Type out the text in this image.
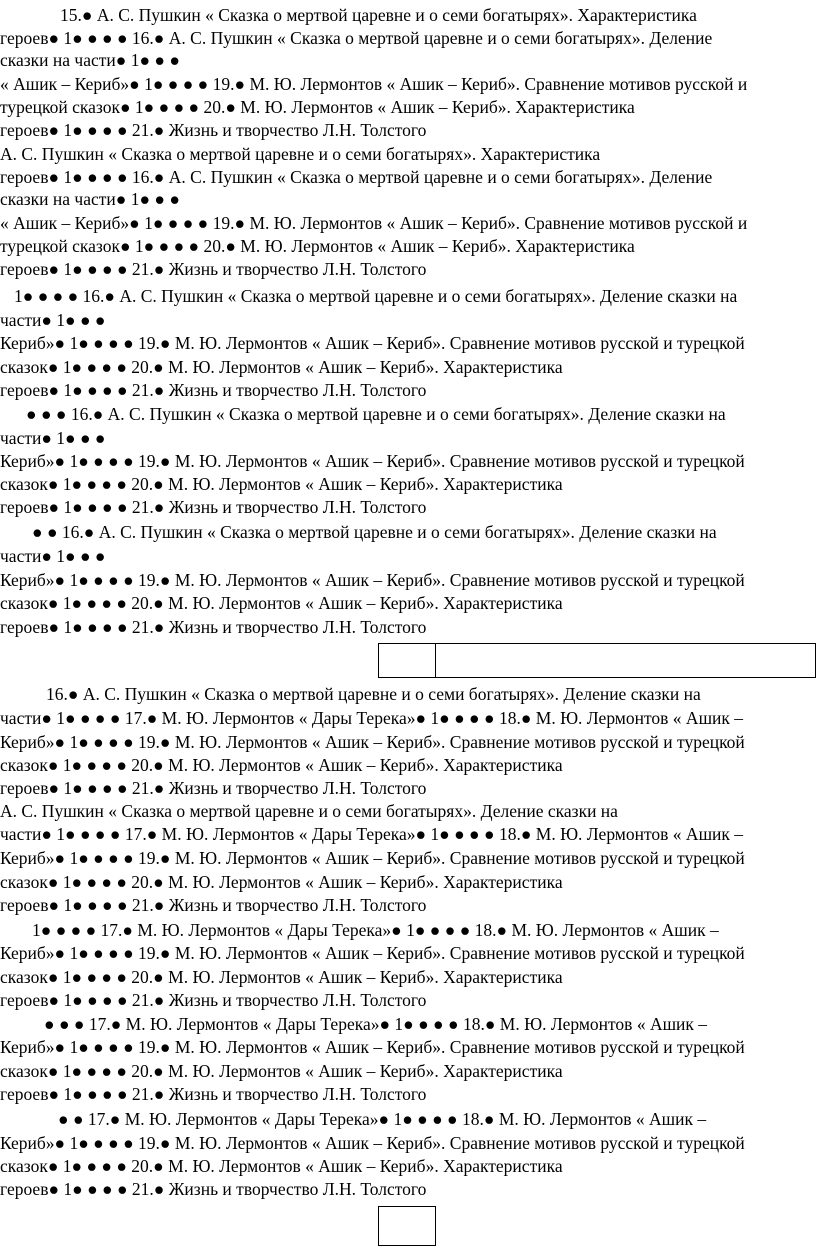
15.● А. С. Пушкин « Сказка о мертвой царевне и о семи богатырях». Характеристика
героев● 1● ● ● ● 16.● А. С. Пушкин « Сказка о мертвой царевне и о семи богатырях». Деление
сказки на части● 1● ● ●
« Ашик – Кериб»● 1● ● ● ● 19.● М. Ю. Лермонтов « Ашик – Кериб». Сравнение мотивов русской и
турецкой сказок● 1● ● ● ● 20.● М. Ю. Лермонтов « Ашик – Кериб». Характеристика
героев● 1● ● ● ● 21.● Жизнь и творчество Л.Н. Толстого
А. С. Пушкин « Сказка о мертвой царевне и о семи богатырях». Характеристика
героев● 1● ● ● ● 16.● А. С. Пушкин « Сказка о мертвой царевне и о семи богатырях». Деление
сказки на части● 1● ● ●
« Ашик – Кериб»● 1● ● ● ● 19.● М. Ю. Лермонтов « Ашик – Кериб». Сравнение мотивов русской и
турецкой сказок● 1● ● ● ● 20.● М. Ю. Лермонтов « Ашик – Кериб». Характеристика
героев● 1● ● ● ● 21.● Жизнь и творчество Л.Н. Толстого
1● ● ● ● 16.● А. С. Пушкин « Сказка о мертвой царевне и о семи богатырях». Деление сказки на
части● 1● ● ●
Кериб»● 1● ● ● ● 19.● М. Ю. Лермонтов « Ашик – Кериб». Сравнение мотивов русской и турецкой
сказок● 1● ● ● ● 20.● М. Ю. Лермонтов « Ашик – Кериб». Характеристика
героев● 1● ● ● ● 21.● Жизнь и творчество Л.Н. Толстого
● ● ● 16.● А. С. Пушкин « Сказка о мертвой царевне и о семи богатырях». Деление сказки на
части● 1● ● ●
Кериб»● 1● ● ● ● 19.● М. Ю. Лермонтов « Ашик – Кериб». Сравнение мотивов русской и турецкой
сказок● 1● ● ● ● 20.● М. Ю. Лермонтов « Ашик – Кериб». Характеристика
героев● 1● ● ● ● 21.● Жизнь и творчество Л.Н. Толстого
● ● 16.● А. С. Пушкин « Сказка о мертвой царевне и о семи богатырях». Деление сказки на
части● 1● ● ●
Кериб»● 1● ● ● ● 19.● М. Ю. Лермонтов « Ашик – Кериб». Сравнение мотивов русской и турецкой
сказок● 1● ● ● ● 20.● М. Ю. Лермонтов « Ашик – Кериб». Характеристика
героев● 1● ● ● ● 21.● Жизнь и творчество Л.Н. Толстого
16.● А. С. Пушкин « Сказка о мертвой царевне и о семи богатырях». Деление сказки на
части● 1● ● ● ● 17.● М. Ю. Лермонтов « Дары Терека»● 1● ● ● ● 18.● М. Ю. Лермонтов « Ашик –
Кериб»● 1● ● ● ● 19.● М. Ю. Лермонтов « Ашик – Кериб». Сравнение мотивов русской и турецкой
сказок● 1● ● ● ● 20.● М. Ю. Лермонтов « Ашик – Кериб». Характеристика
героев● 1● ● ● ● 21.● Жизнь и творчество Л.Н. Толстого
А. С. Пушкин « Сказка о мертвой царевне и о семи богатырях». Деление сказки на
части● 1● ● ● ● 17.● М. Ю. Лермонтов « Дары Терека»● 1● ● ● ● 18.● М. Ю. Лермонтов « Ашик –
Кериб»● 1● ● ● ● 19.● М. Ю. Лермонтов « Ашик – Кериб». Сравнение мотивов русской и турецкой
сказок● 1● ● ● ● 20.● М. Ю. Лермонтов « Ашик – Кериб». Характеристика
героев● 1● ● ● ● 21.● Жизнь и творчество Л.Н. Толстого
1● ● ● ● 17.● М. Ю. Лермонтов « Дары Терека»● 1● ● ● ● 18.● М. Ю. Лермонтов « Ашик –
Кериб»● 1● ● ● ● 19.● М. Ю. Лермонтов « Ашик – Кериб». Сравнение мотивов русской и турецкой
сказок● 1● ● ● ● 20.● М. Ю. Лермонтов « Ашик – Кериб». Характеристика
героев● 1● ● ● ● 21.● Жизнь и творчество Л.Н. Толстого
● ● ● 17.● М. Ю. Лермонтов « Дары Терека»● 1● ● ● ● 18.● М. Ю. Лермонтов « Ашик –
Кериб»● 1● ● ● ● 19.● М. Ю. Лермонтов « Ашик – Кериб». Сравнение мотивов русской и турецкой
сказок● 1● ● ● ● 20.● М. Ю. Лермонтов « Ашик – Кериб». Характеристика
героев● 1● ● ● ● 21.● Жизнь и творчество Л.Н. Толстого
● ● 17.● М. Ю. Лермонтов « Дары Терека»● 1● ● ● ● 18.● М. Ю. Лермонтов « Ашик –
Кериб»● 1● ● ● ● 19.● М. Ю. Лермонтов « Ашик – Кериб». Сравнение мотивов русской и турецкой
сказок● 1● ● ● ● 20.● М. Ю. Лермонтов « Ашик – Кериб». Характеристика
героев● 1● ● ● ● 21.● Жизнь и творчество Л.Н. Толстого
